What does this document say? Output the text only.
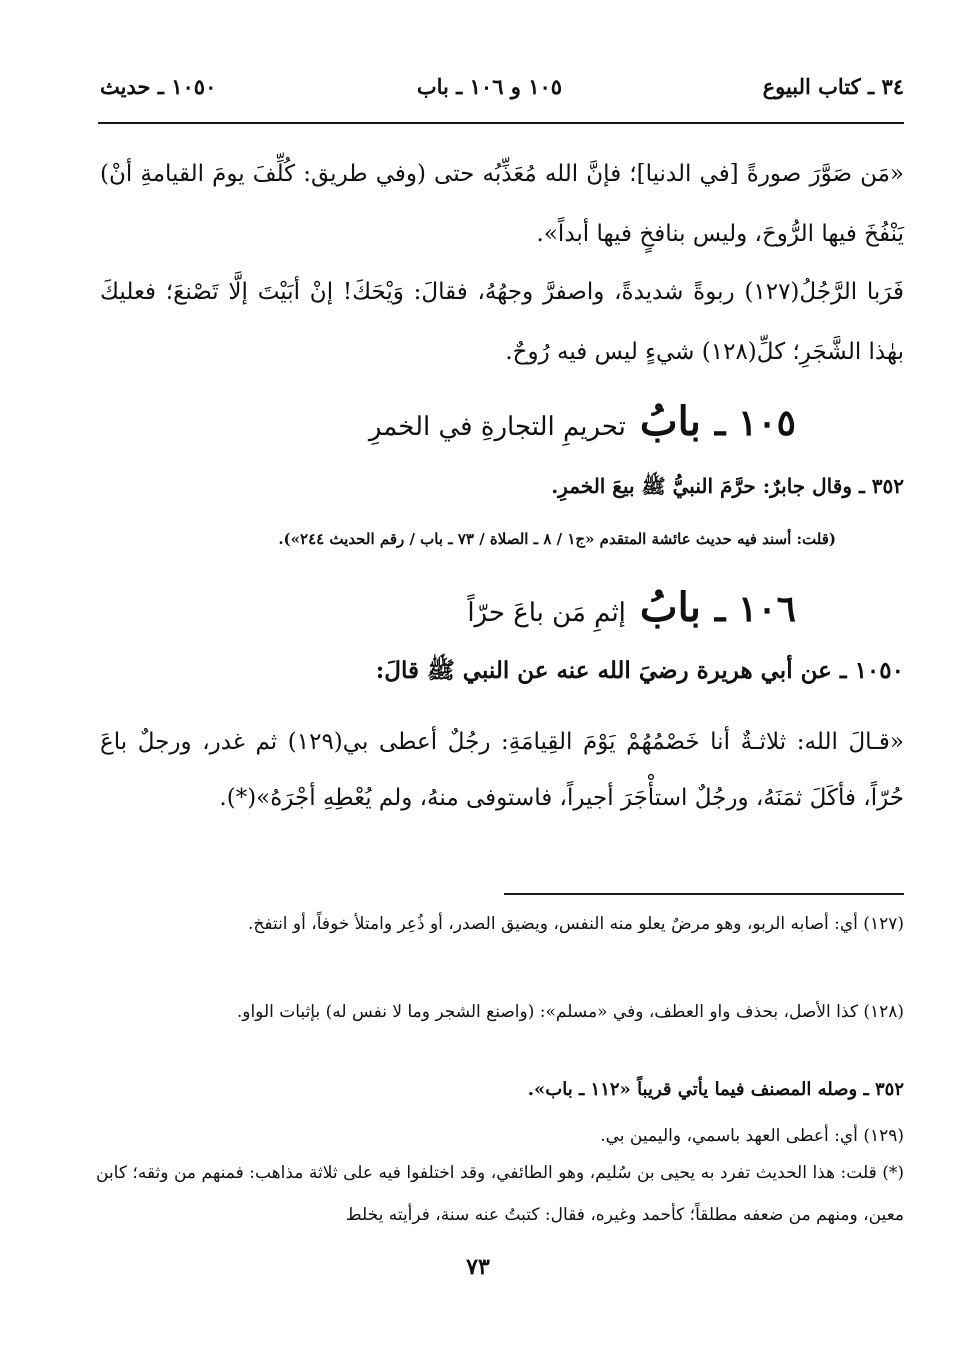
٣٤ ـ كتاب البيوع
١٠٥ و ١٠٦ ـ باب
١٠٥٠ ـ حديث
«مَن صَوَّرَ صورةً [في الدنيا]؛ فإنَّ الله مُعَذِّبُه حتى (وفي طريق: كُلِّفَ يومَ القيامةِ أنْ) يَنْفُخَ فيها الرُّوحَ، وليس بنافخٍ فيها أبداً».
فَرَبا الرَّجُلُ(١٢٧) ربوةً شديدةً، واصفرَّ وجهُهُ، فقالَ: وَيْحَكَ! إنْ أبَيْتَ إلَّا تَصْنعَ؛ فعليكَ بهٰذا الشَّجَرِ؛ كلِّ(١٢٨) شيءٍ ليس فيه رُوحٌ.
١٠٥ ـ
بابُ
تحريمِ التجارةِ في الخمرِ
٣٥٢ ـ وقال جابرٌ: حرَّمَ النبيُّ ﷺ بيعَ الخمرِ.
(قلت: أسند فيه حديث عائشة المتقدم «ج١ / ٨ ـ الصلاة / ٧٣ ـ باب / رقم الحديث ٢٤٤»).
١٠٦ ـ
بابُ
إثمِ مَن باعَ حرّاً
١٠٥٠ ـ عن أبي هريرة رضيَ الله عنه عن النبي ﷺ قالَ:
«قـالَ الله: ثلاثـةٌ أنا خَصْمُهُمْ يَوْمَ القِيامَةِ: رجُلٌ أعطى بي(١٢٩) ثم غدر، ورجلٌ باعَ حُرّاً، فأكَلَ ثمَنَهُ، ورجُلٌ استأْجَرَ أجيراً، فاستوفى منهُ، ولم يُعْطِهِ أجْرَهُ»(*).
(١٢٧) أي: أصابه الربو، وهو مرضٌ يعلو منه النفس، ويضيق الصدر، أو ذُعِر وامتلأ خوفاً، أو انتفخ.
(١٢٨) كذا الأصل، بحذف واو العطف، وفي «مسلم»: (واصنع الشجر وما لا نفس له) بإثبات الواو.
٣٥٢ ـ وصله المصنف فيما يأتي قريباً «١١٢ ـ باب».
(١٢٩) أي: أعطى العهد باسمي، واليمين بي.
(*) قلت: هذا الحديث تفرد به يحيى بن سُليم، وهو الطائفي، وقد اختلفوا فيه على ثلاثة مذاهب: فمنهم من وثقه؛ كابن معين، ومنهم من ضعفه مطلقاً؛ كأحمد وغيره، فقال: كتبتُ عنه سنة، فرأيته يخلط
٧٣
